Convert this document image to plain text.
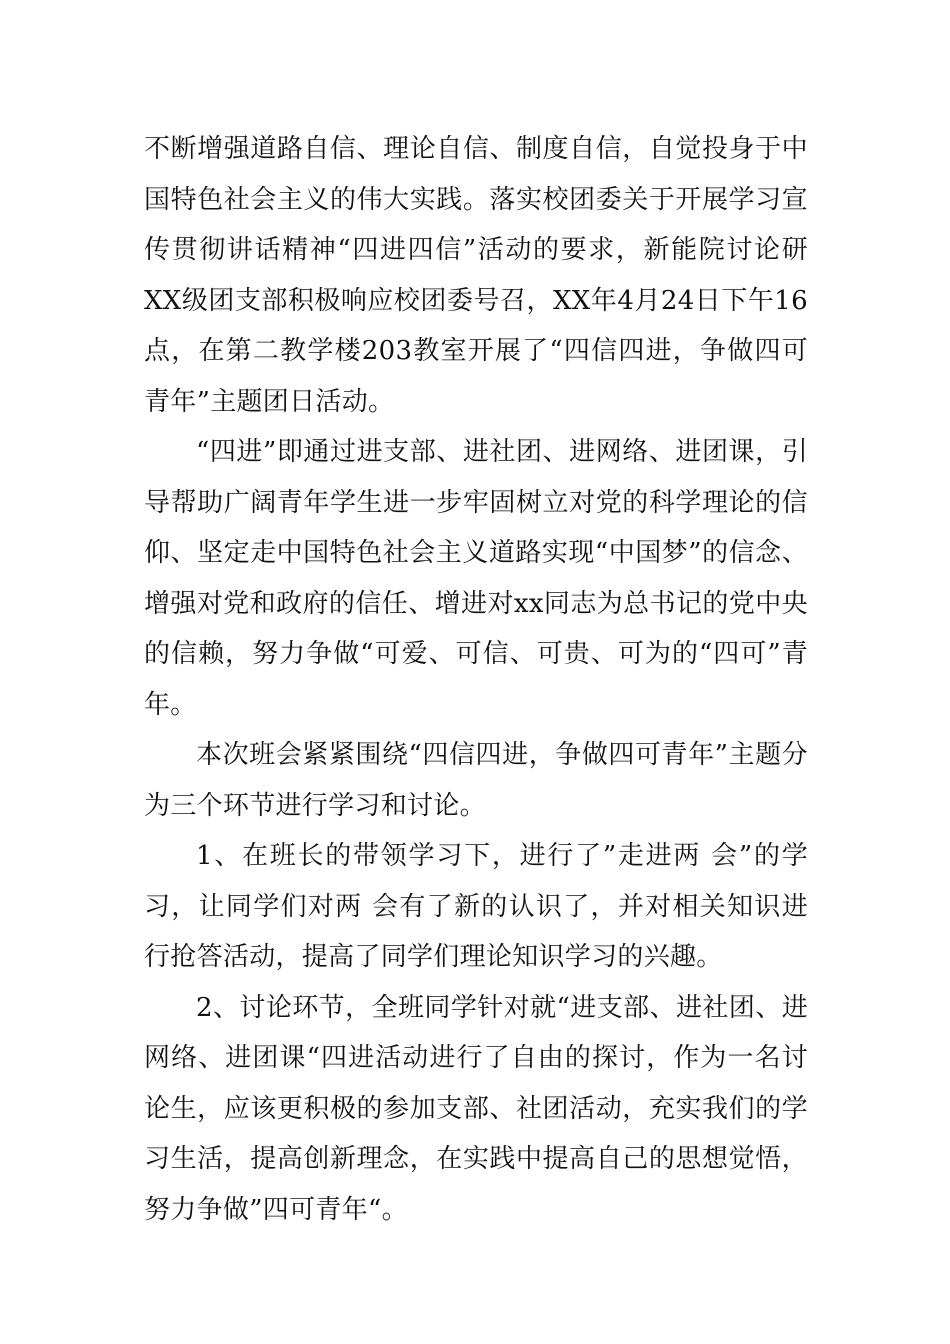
不断增强道路自信、理论自信、制度自信，自觉投身于中国特色社会主义的伟大实践。落实校团委关于开展学习宣传贯彻讲话精神“四进四信”活动的要求，新能院讨论研XX级团支部积极响应校团委号召，XX年4月24日下午16点，在第二教学楼203教室开展了“四信四进，争做四可青年”主题团日活动。

“四进”即通过进支部、进社团、进网络、进团课，引导帮助广阔青年学生进一步牢固树立对党的科学理论的信仰、坚定走中国特色社会主义道路实现“中国梦”的信念、增强对党和政府的信任、增进对xx同志为总书记的党中央的信赖，努力争做“可爱、可信、可贵、可为的“四可”青年。

本次班会紧紧围绕“四信四进，争做四可青年”主题分为三个环节进行学习和讨论。

1、在班长的带领学习下，进行了”走进两 会”的学习，让同学们对两 会有了新的认识了，并对相关知识进行抢答活动，提高了同学们理论知识学习的兴趣。

2、讨论环节，全班同学针对就“进支部、进社团、进网络、进团课“四进活动进行了自由的探讨，作为一名讨论生，应该更积极的参加支部、社团活动，充实我们的学习生活，提高创新理念，在实践中提高自己的思想觉悟，努力争做”四可青年“。
